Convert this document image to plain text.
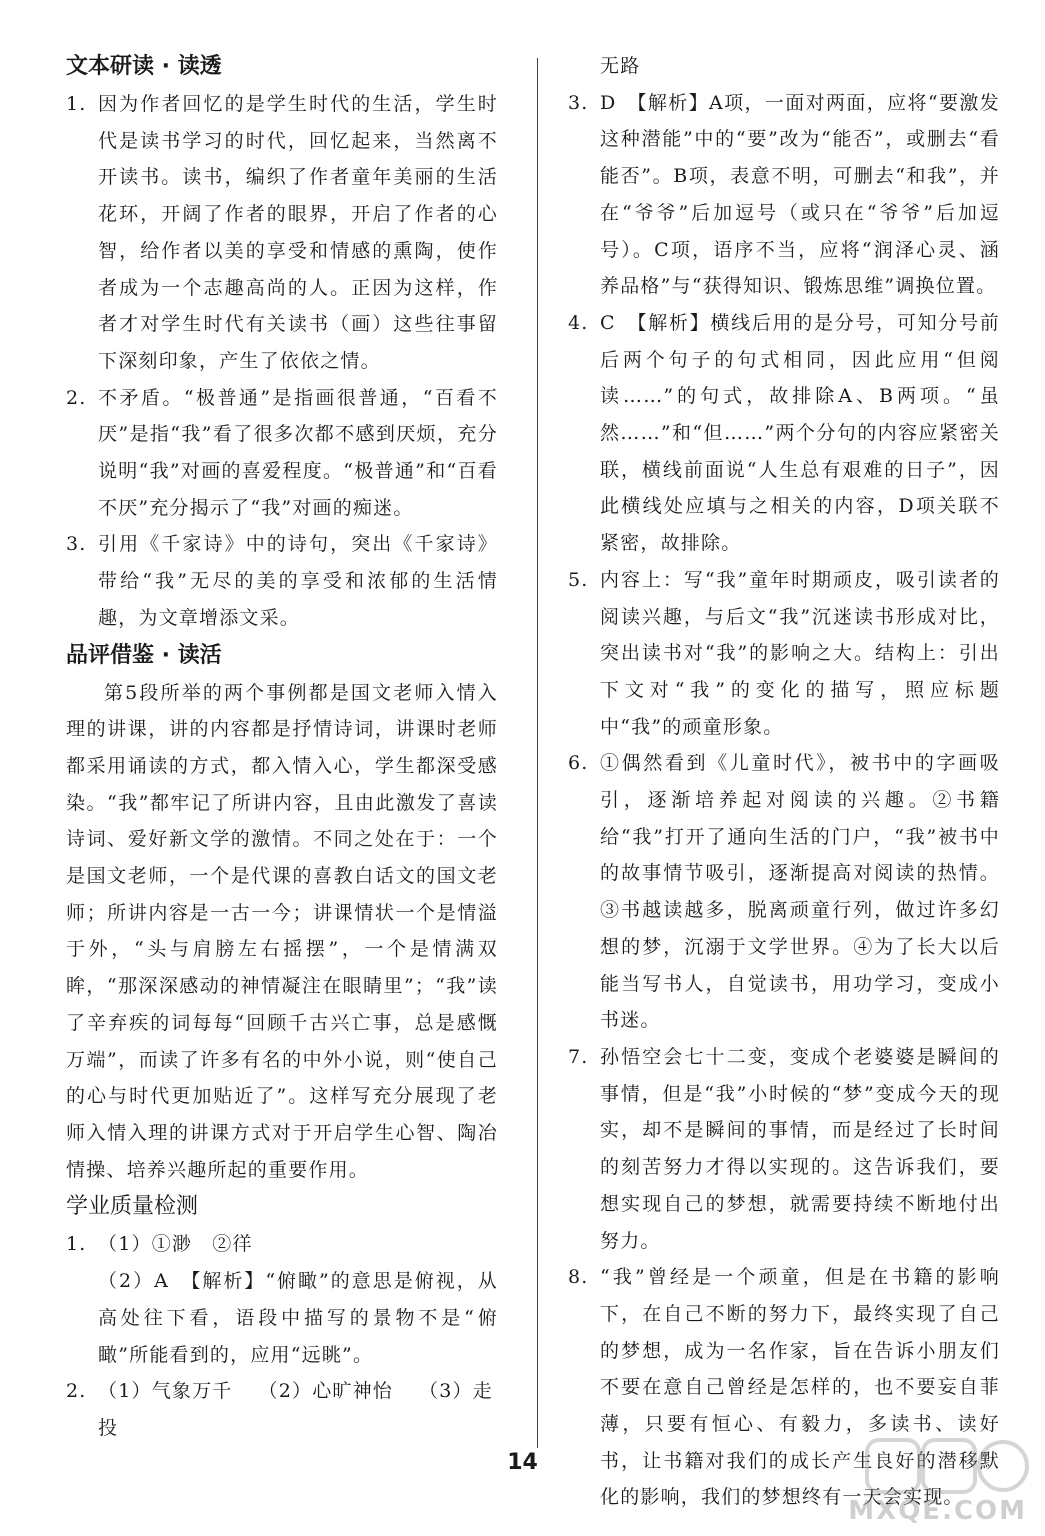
文本研读 · 读透
1. 因为作者回忆的是学生时代的生活，学生时代是读书学习的时代，回忆起来，当然离不开读书。读书，编织了作者童年美丽的生活花环，开阔了作者的眼界，开启了作者的心智，给作者以美的享受和情感的熏陶，使作者成为一个志趣高尚的人。正因为这样，作者才对学生时代有关读书（画）这些往事留下深刻印象，产生了依依之情。
2. 不矛盾。“极普通”是指画很普通，“百看不厌”是指“我”看了很多次都不感到厌烦，充分说明“我”对画的喜爱程度。“极普通”和“百看不厌”充分揭示了“我”对画的痴迷。
3. 引用《千家诗》中的诗句，突出《千家诗》带给“我”无尽的美的享受和浓郁的生活情趣，为文章增添文采。
品评借鉴 · 读活

第5段所举的两个事例都是国文老师入情入理的讲课，讲的内容都是抒情诗词，讲课时老师都采用诵读的方式，都入情入心，学生都深受感染。“我”都牢记了所讲内容，且由此激发了喜读诗词、爱好新文学的激情。不同之处在于：一个是国文老师，一个是代课的喜教白话文的国文老师；所讲内容是一古一今；讲课情状一个是情溢于外，“头与肩膀左右摇摆”，一个是情满双眸，“那深深感动的神情凝注在眼睛里”；“我”读了辛弃疾的词每每“回顾千古兴亡事，总是感慨万端”，而读了许多有名的中外小说，则“使自己的心与时代更加贴近了”。这样写充分展现了老师入情入理的讲课方式对于开启学生心智、陶冶情操、培养兴趣所起的重要作用。

学业质量检测
1. （1）①渺　②徉
（2）A　【解析】“俯瞰”的意思是俯视，从高处往下看，语段中描写的景物不是“俯瞰”所能看到的，应用“远眺”。
2. （1）气象万千 （2）心旷神怡 （3）走投
无路
3. D　【解析】A项，一面对两面，应将“要激发这种潜能”中的“要”改为“能否”，或删去“看能否”。B项，表意不明，可删去“和我”，并在“爷爷”后加逗号（或只在“爷爷”后加逗号）。C项，语序不当，应将“润泽心灵、涵养品格”与“获得知识、锻炼思维”调换位置。
4. C　【解析】横线后用的是分号，可知分号前后两个句子的句式相同，因此应用“但阅读……”的句式，故排除A、B两项。“虽然……”和“但……”两个分句的内容应紧密关联，横线前面说“人生总有艰难的日子”，因此横线处应填与之相关的内容，D项关联不紧密，故排除。
5. 内容上：写“我”童年时期顽皮，吸引读者的阅读兴趣，与后文“我”沉迷读书形成对比，突出读书对“我”的影响之大。结构上：引出下文对“我”的变化的描写，照应标题中“我”的顽童形象。
6. ①偶然看到《儿童时代》，被书中的字画吸引，逐渐培养起对阅读的兴趣。②书籍给“我”打开了通向生活的门户，“我”被书中的故事情节吸引，逐渐提高对阅读的热情。③书越读越多，脱离顽童行列，做过许多幻想的梦，沉溺于文学世界。④为了长大以后能当写书人，自觉读书，用功学习，变成小书迷。
7. 孙悟空会七十二变，变成个老婆婆是瞬间的事情，但是“我”小时候的“梦”变成今天的现实，却不是瞬间的事情，而是经过了长时间的刻苦努力才得以实现的。这告诉我们，要想实现自己的梦想，就需要持续不断地付出努力。
8. “我”曾经是一个顽童，但是在书籍的影响下，在自己不断的努力下，最终实现了自己的梦想，成为一名作家，旨在告诉小朋友们不要在意自己曾经是怎样的，也不要妄自菲薄，只要有恒心、有毅力，多读书、读好书，让书籍对我们的成长产生良好的潜移默化的影响，我们的梦想终有一天会实现。
14
MXQE.COM
